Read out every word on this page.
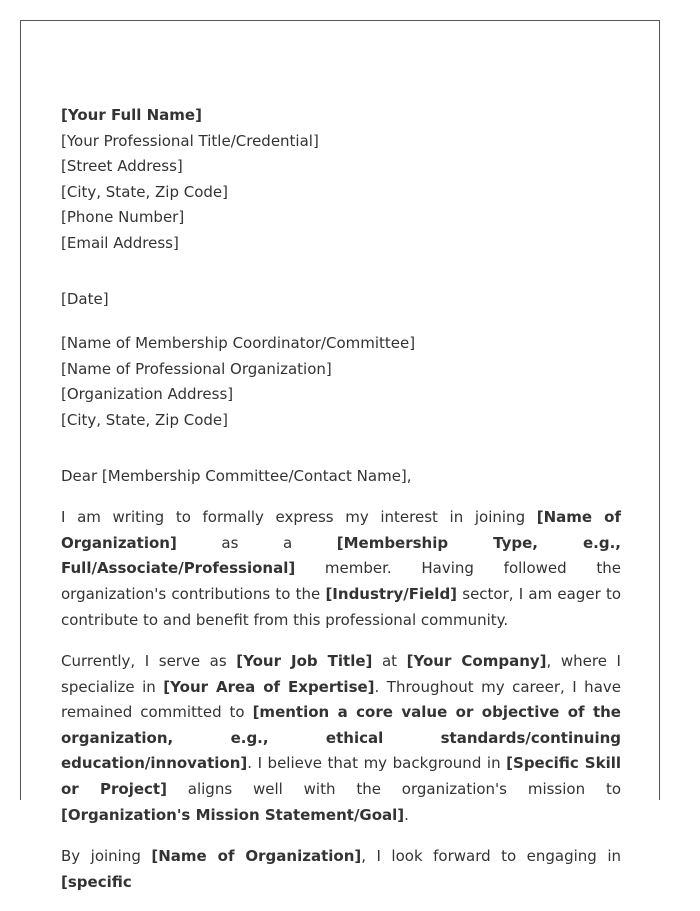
[Your Full Name]
[Your Professional Title/Credential]
[Street Address]
[City, State, Zip Code]
[Phone Number]
[Email Address]
[Date]
[Name of Membership Coordinator/Committee]
[Name of Professional Organization]
[Organization Address]
[City, State, Zip Code]
Dear [Membership Committee/Contact Name],

I am writing to formally express my interest in joining [Name of Organization] as a [Membership Type, e.g., Full/Associate/Professional] member. Having followed the organization's contributions to the [Industry/Field] sector, I am eager to contribute to and benefit from this professional community.

Currently, I serve as [Your Job Title] at [Your Company], where I specialize in [Your Area of Expertise]. Throughout my career, I have remained committed to [mention a core value or objective of the organization, e.g., ethical standards/continuing education/innovation]. I believe that my background in [Specific Skill or Project] aligns well with the organization's mission to [Organization's Mission Statement/Goal].

By joining [Name of Organization], I look forward to engaging in [specific
